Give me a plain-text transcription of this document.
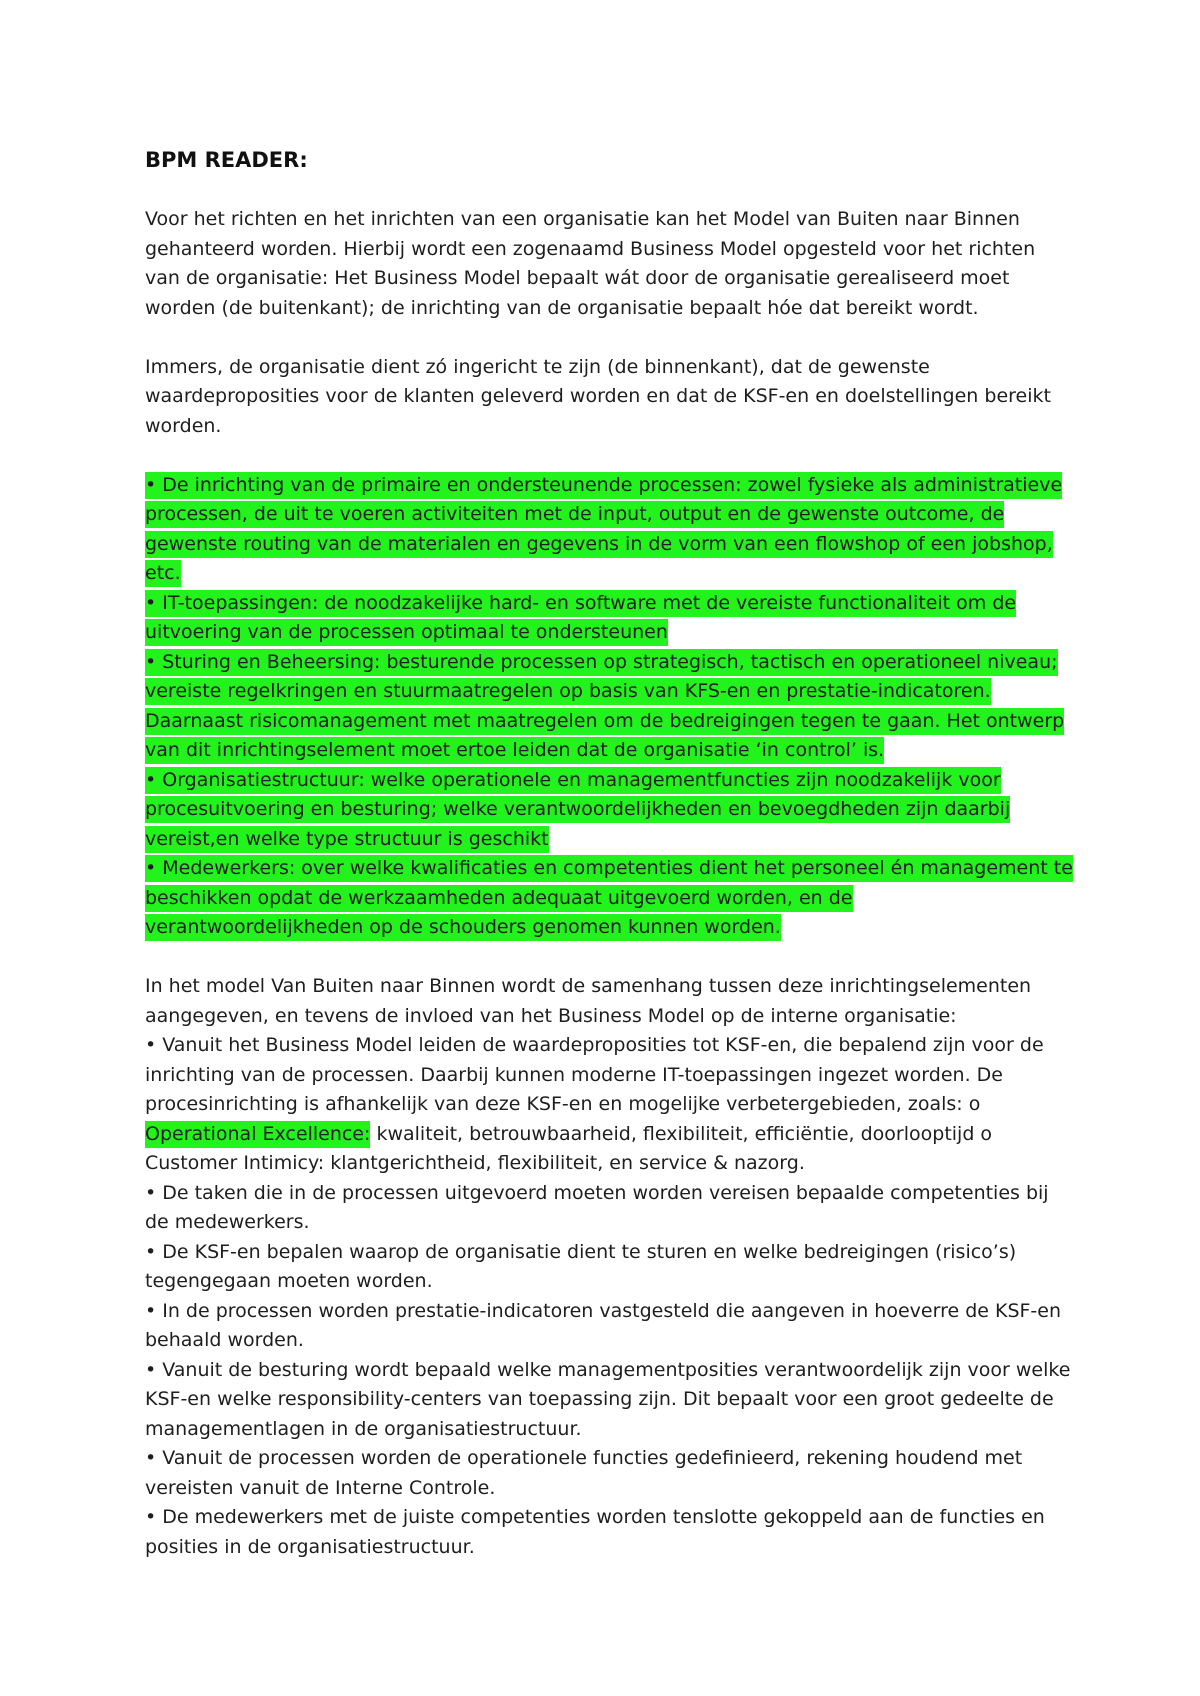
BPM READER:

Voor het richten en het inrichten van een organisatie kan het Model van Buiten naar Binnen gehanteerd worden. Hierbij wordt een zogenaamd Business Model opgesteld voor het richten van de organisatie: Het Business Model bepaalt wát door de organisatie gerealiseerd moet worden (de buitenkant); de inrichting van de organisatie bepaalt hóe dat bereikt wordt.

Immers, de organisatie dient zó ingericht te zijn (de binnenkant), dat de gewenste waardeproposities voor de klanten geleverd worden en dat de KSF-en en doelstellingen bereikt worden.

• De inrichting van de primaire en ondersteunende processen: zowel fysieke als administratieve processen, de uit te voeren activiteiten met de input, output en de gewenste outcome, de gewenste routing van de materialen en gegevens in de vorm van een flowshop of een jobshop, etc.

• IT-toepassingen: de noodzakelijke hard- en software met de vereiste functionaliteit om de uitvoering van de processen optimaal te ondersteunen

• Sturing en Beheersing: besturende processen op strategisch, tactisch en operationeel niveau; vereiste regelkringen en stuurmaatregelen op basis van KFS-en en prestatie-indicatoren. Daarnaast risicomanagement met maatregelen om de bedreigingen tegen te gaan. Het ontwerp van dit inrichtingselement moet ertoe leiden dat de organisatie ‘in control’ is.

• Organisatiestructuur: welke operationele en managementfuncties zijn noodzakelijk voor procesuitvoering en besturing; welke verantwoordelijkheden en bevoegdheden zijn daarbij vereist,en welke type structuur is geschikt

• Medewerkers: over welke kwalificaties en competenties dient het personeel én management te beschikken opdat de werkzaamheden adequaat uitgevoerd worden, en de verantwoordelijkheden op de schouders genomen kunnen worden.

In het model Van Buiten naar Binnen wordt de samenhang tussen deze inrichtingselementen aangegeven, en tevens de invloed van het Business Model op de interne organisatie:

• Vanuit het Business Model leiden de waardeproposities tot KSF-en, die bepalend zijn voor de inrichting van de processen. Daarbij kunnen moderne IT-toepassingen ingezet worden. De procesinrichting is afhankelijk van deze KSF-en en mogelijke verbetergebieden, zoals: o Operational Excellence: kwaliteit, betrouwbaarheid, flexibiliteit, efficiëntie, doorlooptijd o Customer Intimicy: klantgerichtheid, flexibiliteit, en service & nazorg.

• De taken die in de processen uitgevoerd moeten worden vereisen bepaalde competenties bij de medewerkers.

• De KSF-en bepalen waarop de organisatie dient te sturen en welke bedreigingen (risico’s) tegengegaan moeten worden.

• In de processen worden prestatie-indicatoren vastgesteld die aangeven in hoeverre de KSF-en behaald worden.

• Vanuit de besturing wordt bepaald welke managementposities verantwoordelijk zijn voor welke KSF-en welke responsibility-centers van toepassing zijn. Dit bepaalt voor een groot gedeelte de managementlagen in de organisatiestructuur.

• Vanuit de processen worden de operationele functies gedefinieerd, rekening houdend met vereisten vanuit de Interne Controle.

• De medewerkers met de juiste competenties worden tenslotte gekoppeld aan de functies en posities in de organisatiestructuur.
